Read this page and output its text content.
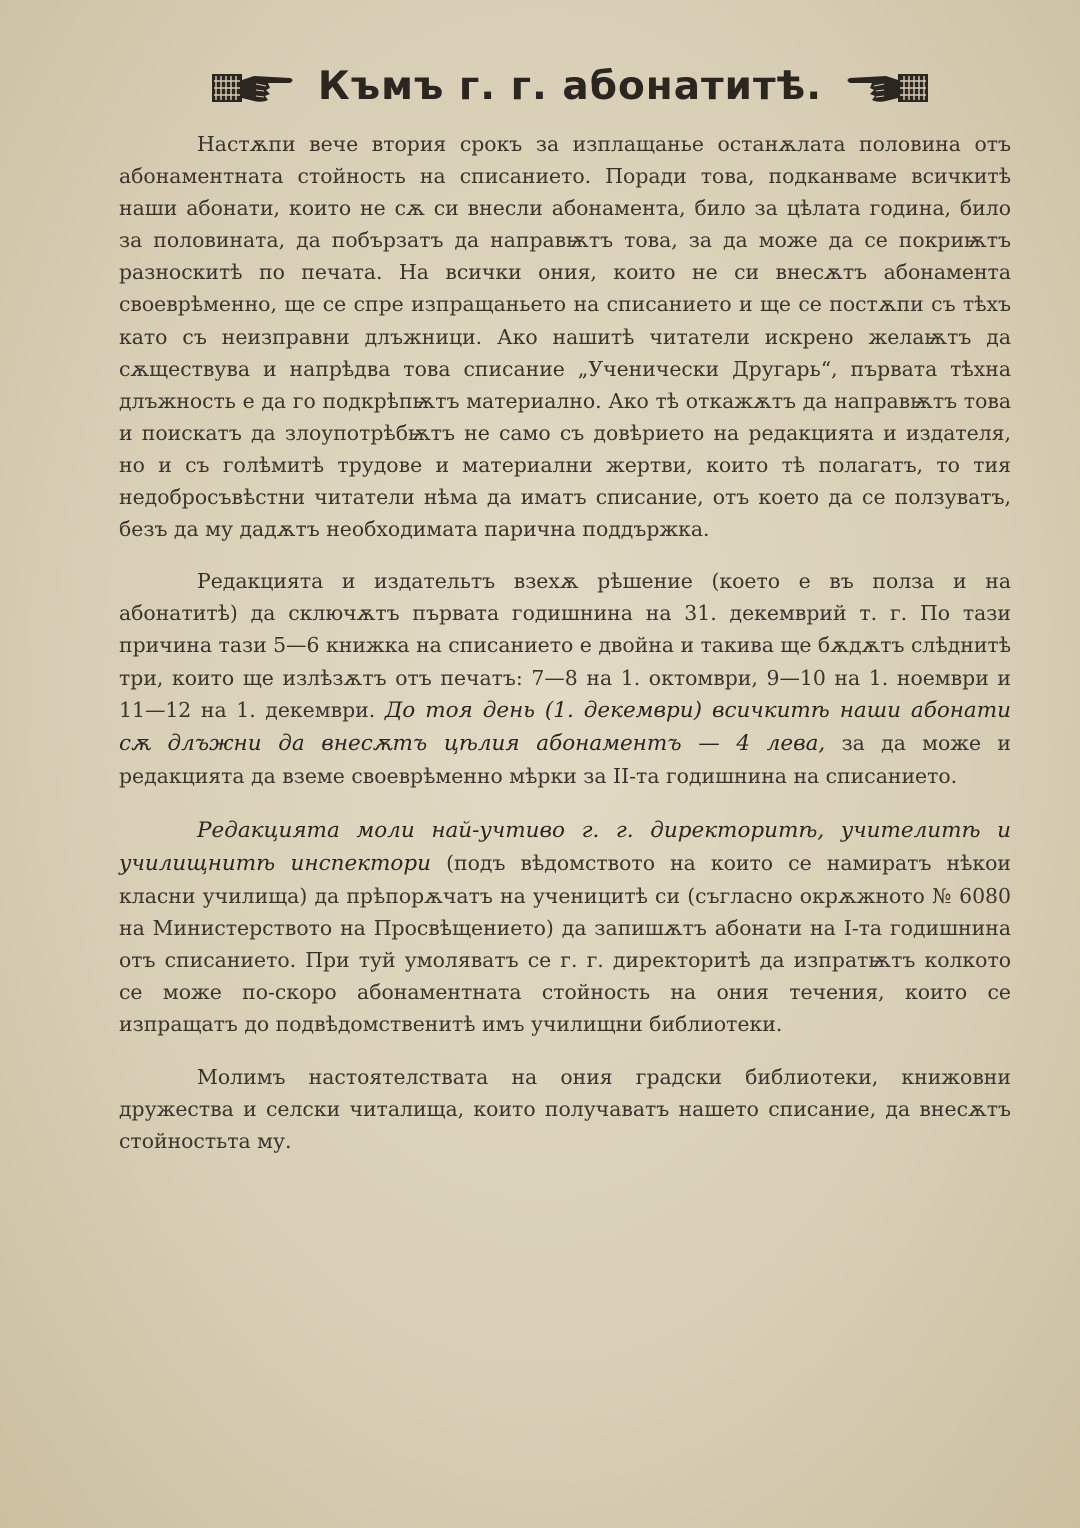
Къмъ г. г. абонатитѣ.

Настѫпи вече втория срокъ за изплащанье останѫлата половина отъ абонаментната стойность на списанието. Поради това, подканваме всичкитѣ наши абонати, които не сѫ си внесли абонамента, било за цѣлата година, било за половината, да побързатъ да направѭтъ това, за да може да се покриѭтъ разноскитѣ по печата. На всички ония, които не си внесѫтъ абонамента своеврѣменно, ще се спре изпращаньето на списанието и ще се постѫпи съ тѣхъ като съ неизправни длъжници. Ако нашитѣ читатели искрено желаѭтъ да сѫществува и напрѣдва това списание „Ученически Другарь“, първата тѣхна длъжность е да го подкрѣпѭтъ материално. Ако тѣ откажѫтъ да направѭтъ това и поискатъ да злоупотрѣбѭтъ не само съ довѣрието на редакцията и издателя, но и съ голѣмитѣ трудове и материални жертви, които тѣ полагатъ, то тия недобросъвѣстни читатели нѣма да иматъ списание, отъ което да се ползуватъ, безъ да му дадѫтъ необходимата парична поддържка.

Редакцията и издательтъ взехѫ рѣшение (което е въ полза и на абонатитѣ) да сключѫтъ първата годишнина на 31. декемврий т. г. По тази причина тази 5—6 книжка на списанието е двойна и такива ще бѫдѫтъ слѣднитѣ три, които ще излѣзѫтъ отъ печатъ: 7—8 на 1. октомври, 9—10 на 1. ноември и 11—12 на 1. декември. До тоя день (1. декември) всичкитѣ наши абонати сѫ длъжни да внесѫтъ цѣлия абонаментъ — 4 лева, за да може и редакцията да вземе своеврѣменно мѣрки за II-та годишнина на списанието.

Редакцията моли най-учтиво г. г. директоритѣ, учителитѣ и училищнитѣ инспектори (подъ вѣдомството на които се намиратъ нѣкои класни училища) да прѣпорѫчатъ на ученицитѣ си (съгласно окрѫжното № 6080 на Министерството на Просвѣщението) да запишѫтъ абонати на I-та годишнина отъ списанието. При туй умоляватъ се г. г. директоритѣ да изпратѭтъ колкото се може по-скоро абонаментната стойность на ония течения, които се изпращатъ до подвѣдомственитѣ имъ училищни библиотеки.

Молимъ настоятелствата на ония градски библиотеки, книжовни дружества и селски читалища, които получаватъ нашето списание, да внесѫтъ стойностьта му.
